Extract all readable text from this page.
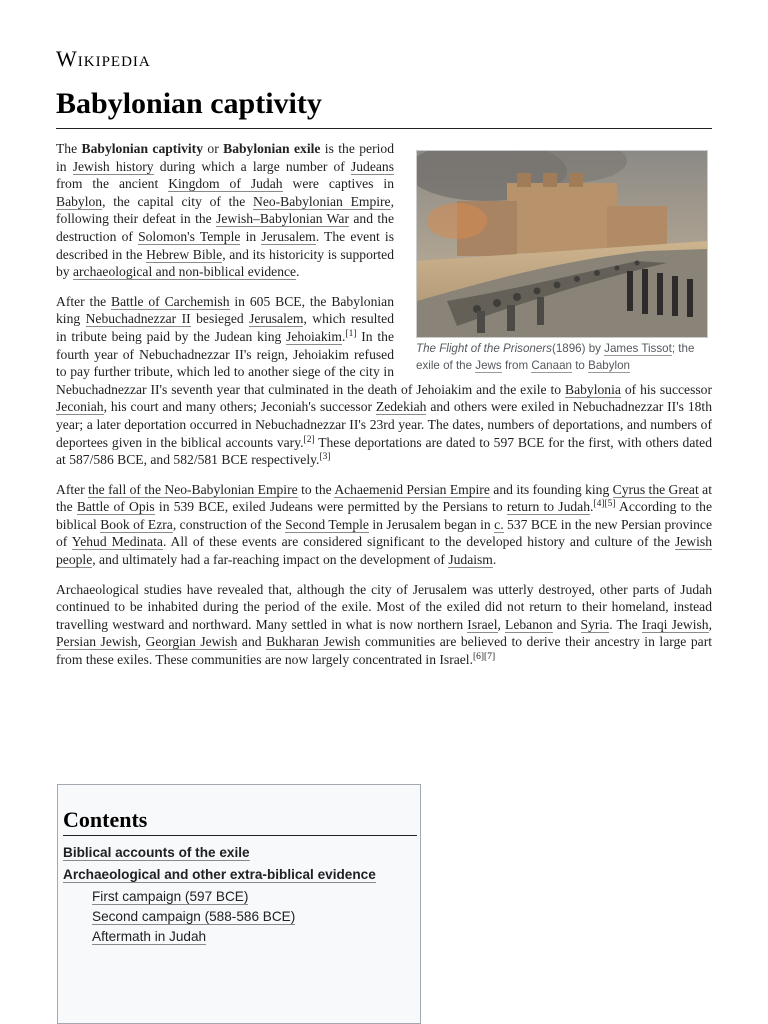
Wikipedia
Babylonian captivity
The Flight of the Prisoners(1896) by James Tissot; the exile of the Jews from Canaan to Babylon

The Babylonian captivity or Babylonian exile is the period in Jewish history during which a large number of Judeans from the ancient Kingdom of Judah were captives in Babylon, the capital city of the Neo-Babylonian Empire, following their defeat in the Jewish–Babylonian War and the destruction of Solomon's Temple in Jerusalem. The event is described in the Hebrew Bible, and its historicity is supported by archaeological and non-biblical evidence.

After the Battle of Carchemish in 605 BCE, the Babylonian king Nebuchadnezzar II besieged Jerusalem, which resulted in tribute being paid by the Judean king Jehoiakim.[1] In the fourth year of Nebuchadnezzar II's reign, Jehoiakim refused to pay further tribute, which led to another siege of the city in Nebuchadnezzar II's seventh year that culminated in the death of Jehoiakim and the exile to Babylonia of his successor Jeconiah, his court and many others; Jeconiah's successor Zedekiah and others were exiled in Nebuchadnezzar II's 18th year; a later deportation occurred in Nebuchadnezzar II's 23rd year. The dates, numbers of deportations, and numbers of deportees given in the biblical accounts vary.[2] These deportations are dated to 597 BCE for the first, with others dated at 587/586 BCE, and 582/581 BCE respectively.[3]

After the fall of the Neo-Babylonian Empire to the Achaemenid Persian Empire and its founding king Cyrus the Great at the Battle of Opis in 539 BCE, exiled Judeans were permitted by the Persians to return to Judah.[4][5] According to the biblical Book of Ezra, construction of the Second Temple in Jerusalem began in c. 537 BCE in the new Persian province of Yehud Medinata. All of these events are considered significant to the developed history and culture of the Jewish people, and ultimately had a far-reaching impact on the development of Judaism.

Archaeological studies have revealed that, although the city of Jerusalem was utterly destroyed, other parts of Judah continued to be inhabited during the period of the exile. Most of the exiled did not return to their homeland, instead travelling westward and northward. Many settled in what is now northern Israel, Lebanon and Syria. The Iraqi Jewish, Persian Jewish, Georgian Jewish and Bukharan Jewish communities are believed to derive their ancestry in large part from these exiles. These communities are now largely concentrated in Israel.[6][7]

Contents
Biblical accounts of the exile
Archaeological and other extra-biblical evidence
First campaign (597 BCE)
Second campaign (588-586 BCE)
Aftermath in Judah
